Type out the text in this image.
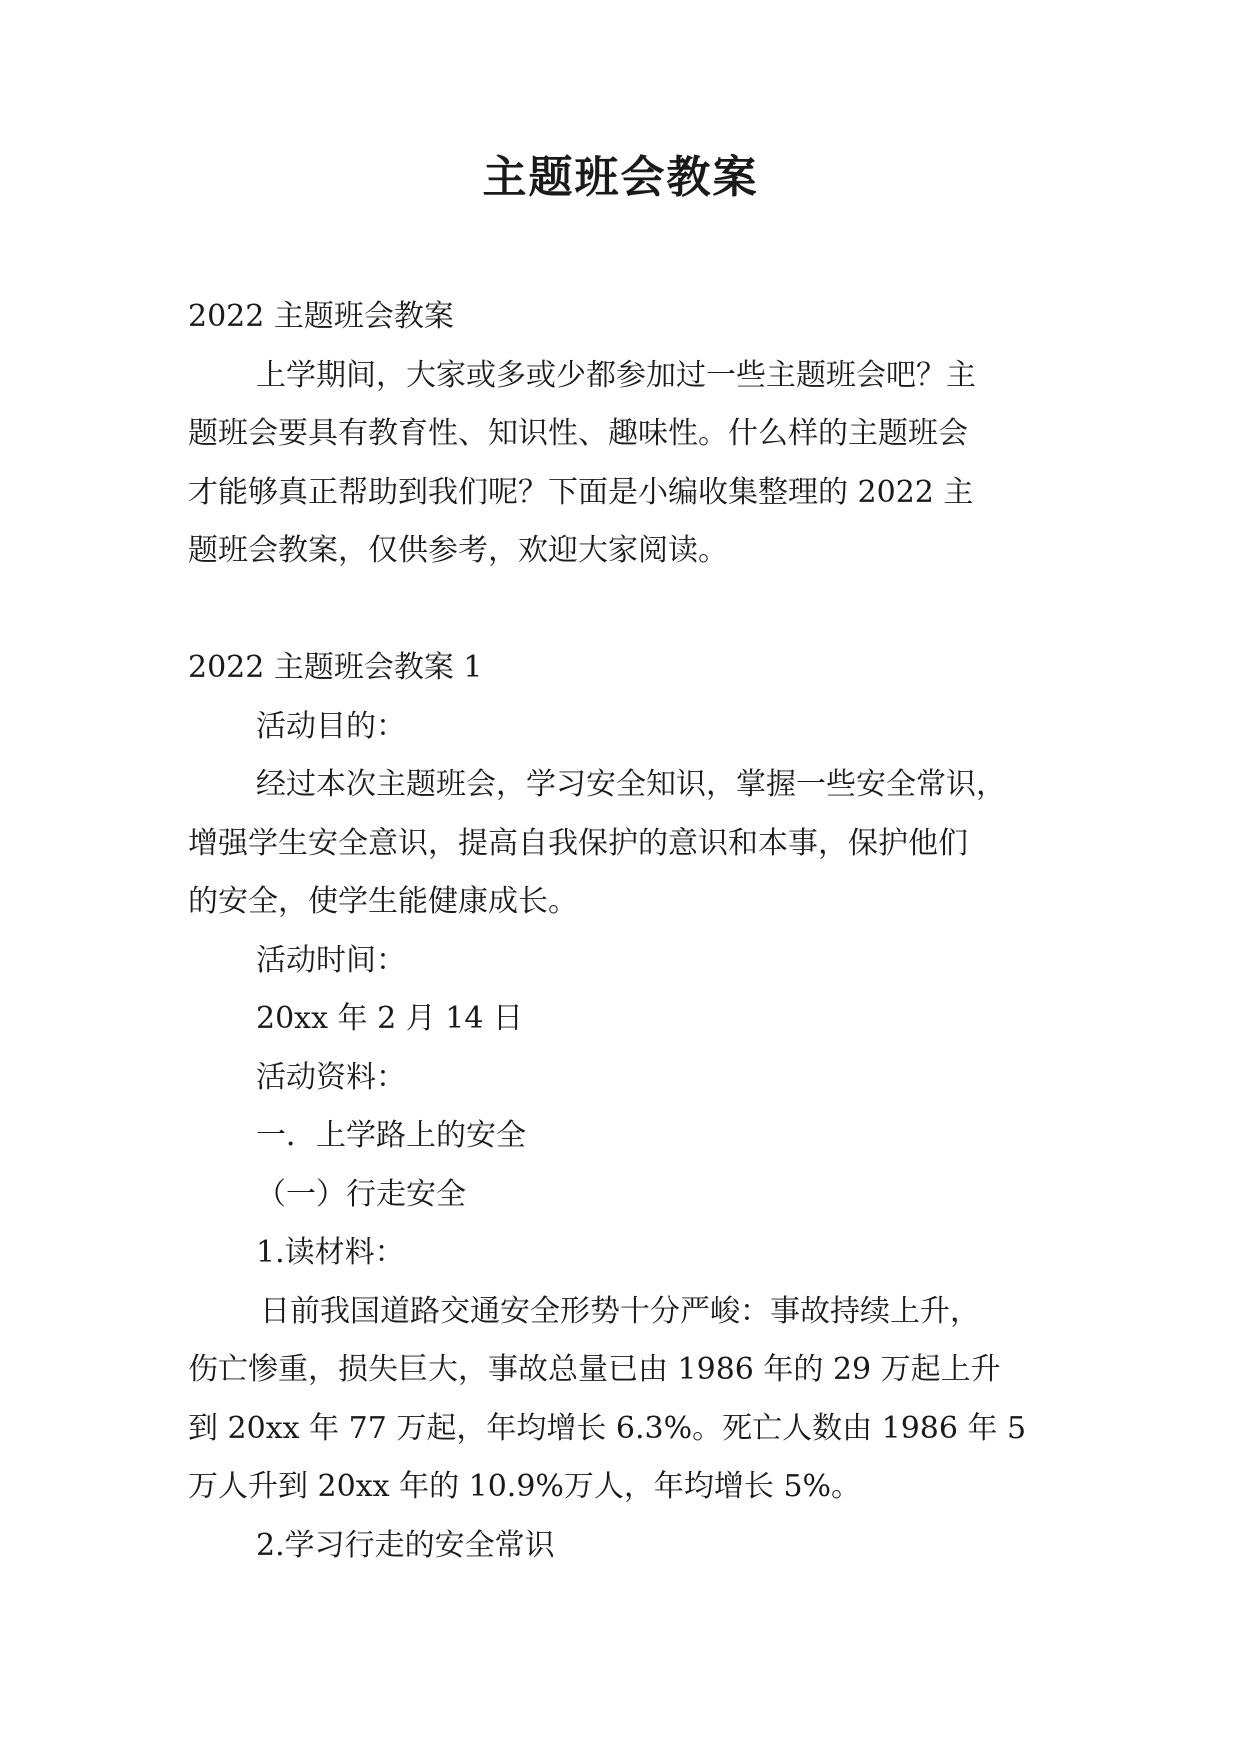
主题班会教案

2022 主题班会教案

上学期间，大家或多或少都参加过一些主题班会吧？主

题班会要具有教育性、知识性、趣味性。什么样的主题班会

才能够真正帮助到我们呢？下面是小编收集整理的 2022 主

题班会教案，仅供参考，欢迎大家阅读。

2022 主题班会教案 1

活动目的：

经过本次主题班会，学习安全知识，掌握一些安全常识，

增强学生安全意识，提高自我保护的意识和本事，保护他们

的安全，使学生能健康成长。

活动时间：

20xx 年 2 月 14 日

活动资料：

一．上学路上的安全

（一）行走安全

1.读材料：

日前我国道路交通安全形势十分严峻：事故持续上升，

伤亡惨重，损失巨大，事故总量已由 1986 年的 29 万起上升

到 20xx 年 77 万起，年均增长 6.3%。死亡人数由 1986 年 5

万人升到 20xx 年的 10.9%万人，年均增长 5%。

2.学习行走的安全常识
